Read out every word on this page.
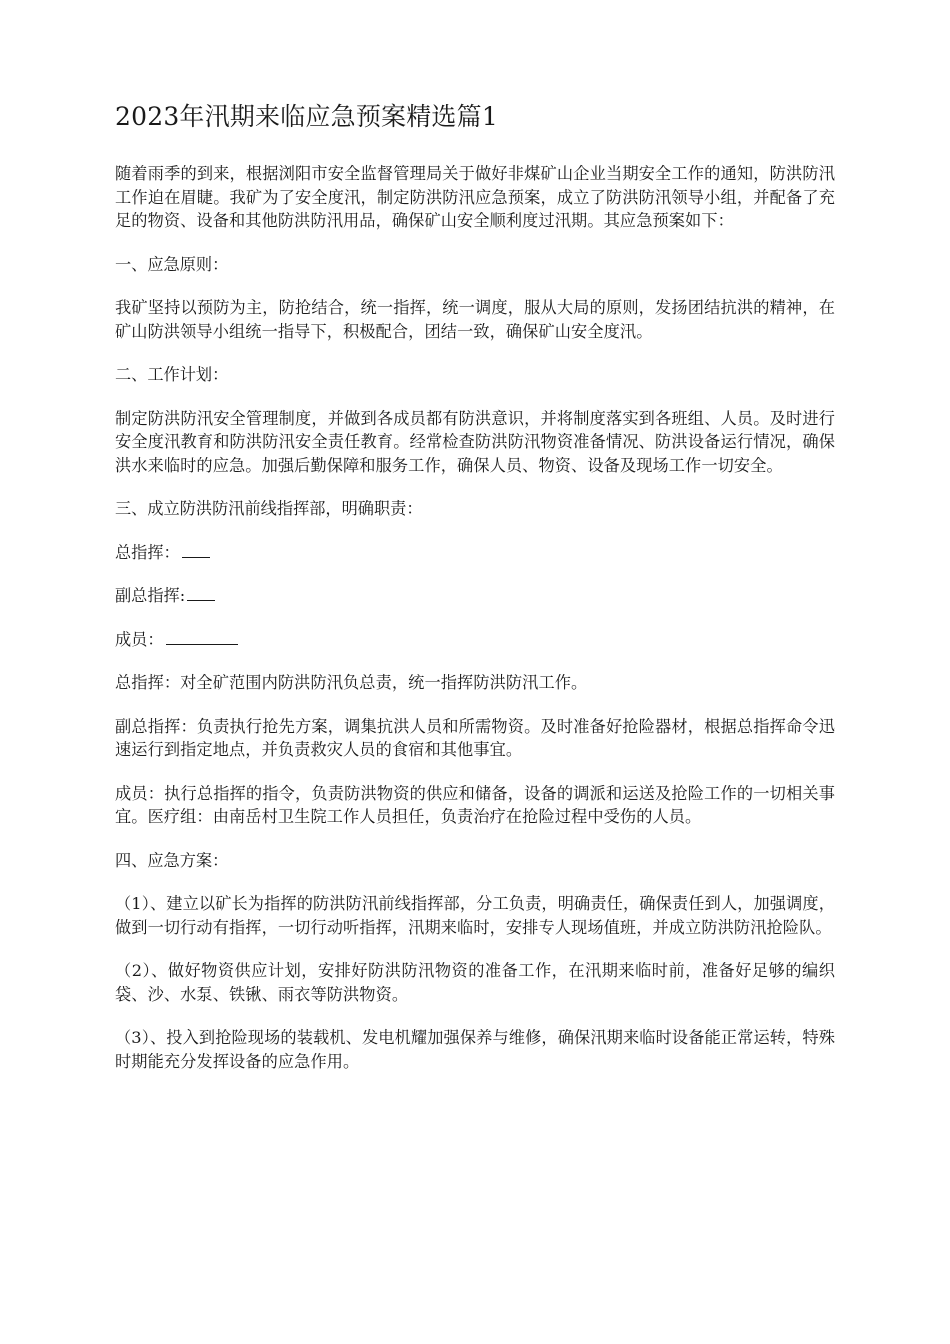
2023年汛期来临应急预案精选篇1
随着雨季的到来，根据浏阳市安全监督管理局关于做好非煤矿山企业当期安全工作的通知，防洪防汛工作迫在眉睫。我矿为了安全度汛，制定防洪防汛应急预案，成立了防洪防汛领导小组，并配备了充足的物资、设备和其他防洪防汛用品，确保矿山安全顺利度过汛期。其应急预案如下：
一、应急原则：
我矿坚持以预防为主，防抢结合，统一指挥，统一调度，服从大局的原则，发扬团结抗洪的精神，在矿山防洪领导小组统一指导下，积极配合，团结一致，确保矿山安全度汛。
二、工作计划：
制定防洪防汛安全管理制度，并做到各成员都有防洪意识，并将制度落实到各班组、人员。及时进行安全度汛教育和防洪防汛安全责任教育。经常检查防洪防汛物资准备情况、防洪设备运行情况，确保洪水来临时的应急。加强后勤保障和服务工作，确保人员、物资、设备及现场工作一切安全。
三、成立防洪防汛前线指挥部，明确职责：
总指挥：
副总指挥:
成员：
总指挥：对全矿范围内防洪防汛负总责，统一指挥防洪防汛工作。
副总指挥：负责执行抢先方案，调集抗洪人员和所需物资。及时准备好抢险器材，根据总指挥命令迅速运行到指定地点，并负责救灾人员的食宿和其他事宜。
成员：执行总指挥的指令，负责防洪物资的供应和储备，设备的调派和运送及抢险工作的一切相关事宜。医疗组：由南岳村卫生院工作人员担任，负责治疗在抢险过程中受伤的人员。
四、应急方案：
（1）、建立以矿长为指挥的防洪防汛前线指挥部，分工负责，明确责任，确保责任到人，加强调度，做到一切行动有指挥，一切行动听指挥，汛期来临时，安排专人现场值班，并成立防洪防汛抢险队。
（2）、做好物资供应计划，安排好防洪防汛物资的准备工作，在汛期来临时前，准备好足够的编织袋、沙、水泵、铁锹、雨衣等防洪物资。
（3）、投入到抢险现场的装载机、发电机耀加强保养与维修，确保汛期来临时设备能正常运转，特殊时期能充分发挥设备的应急作用。
